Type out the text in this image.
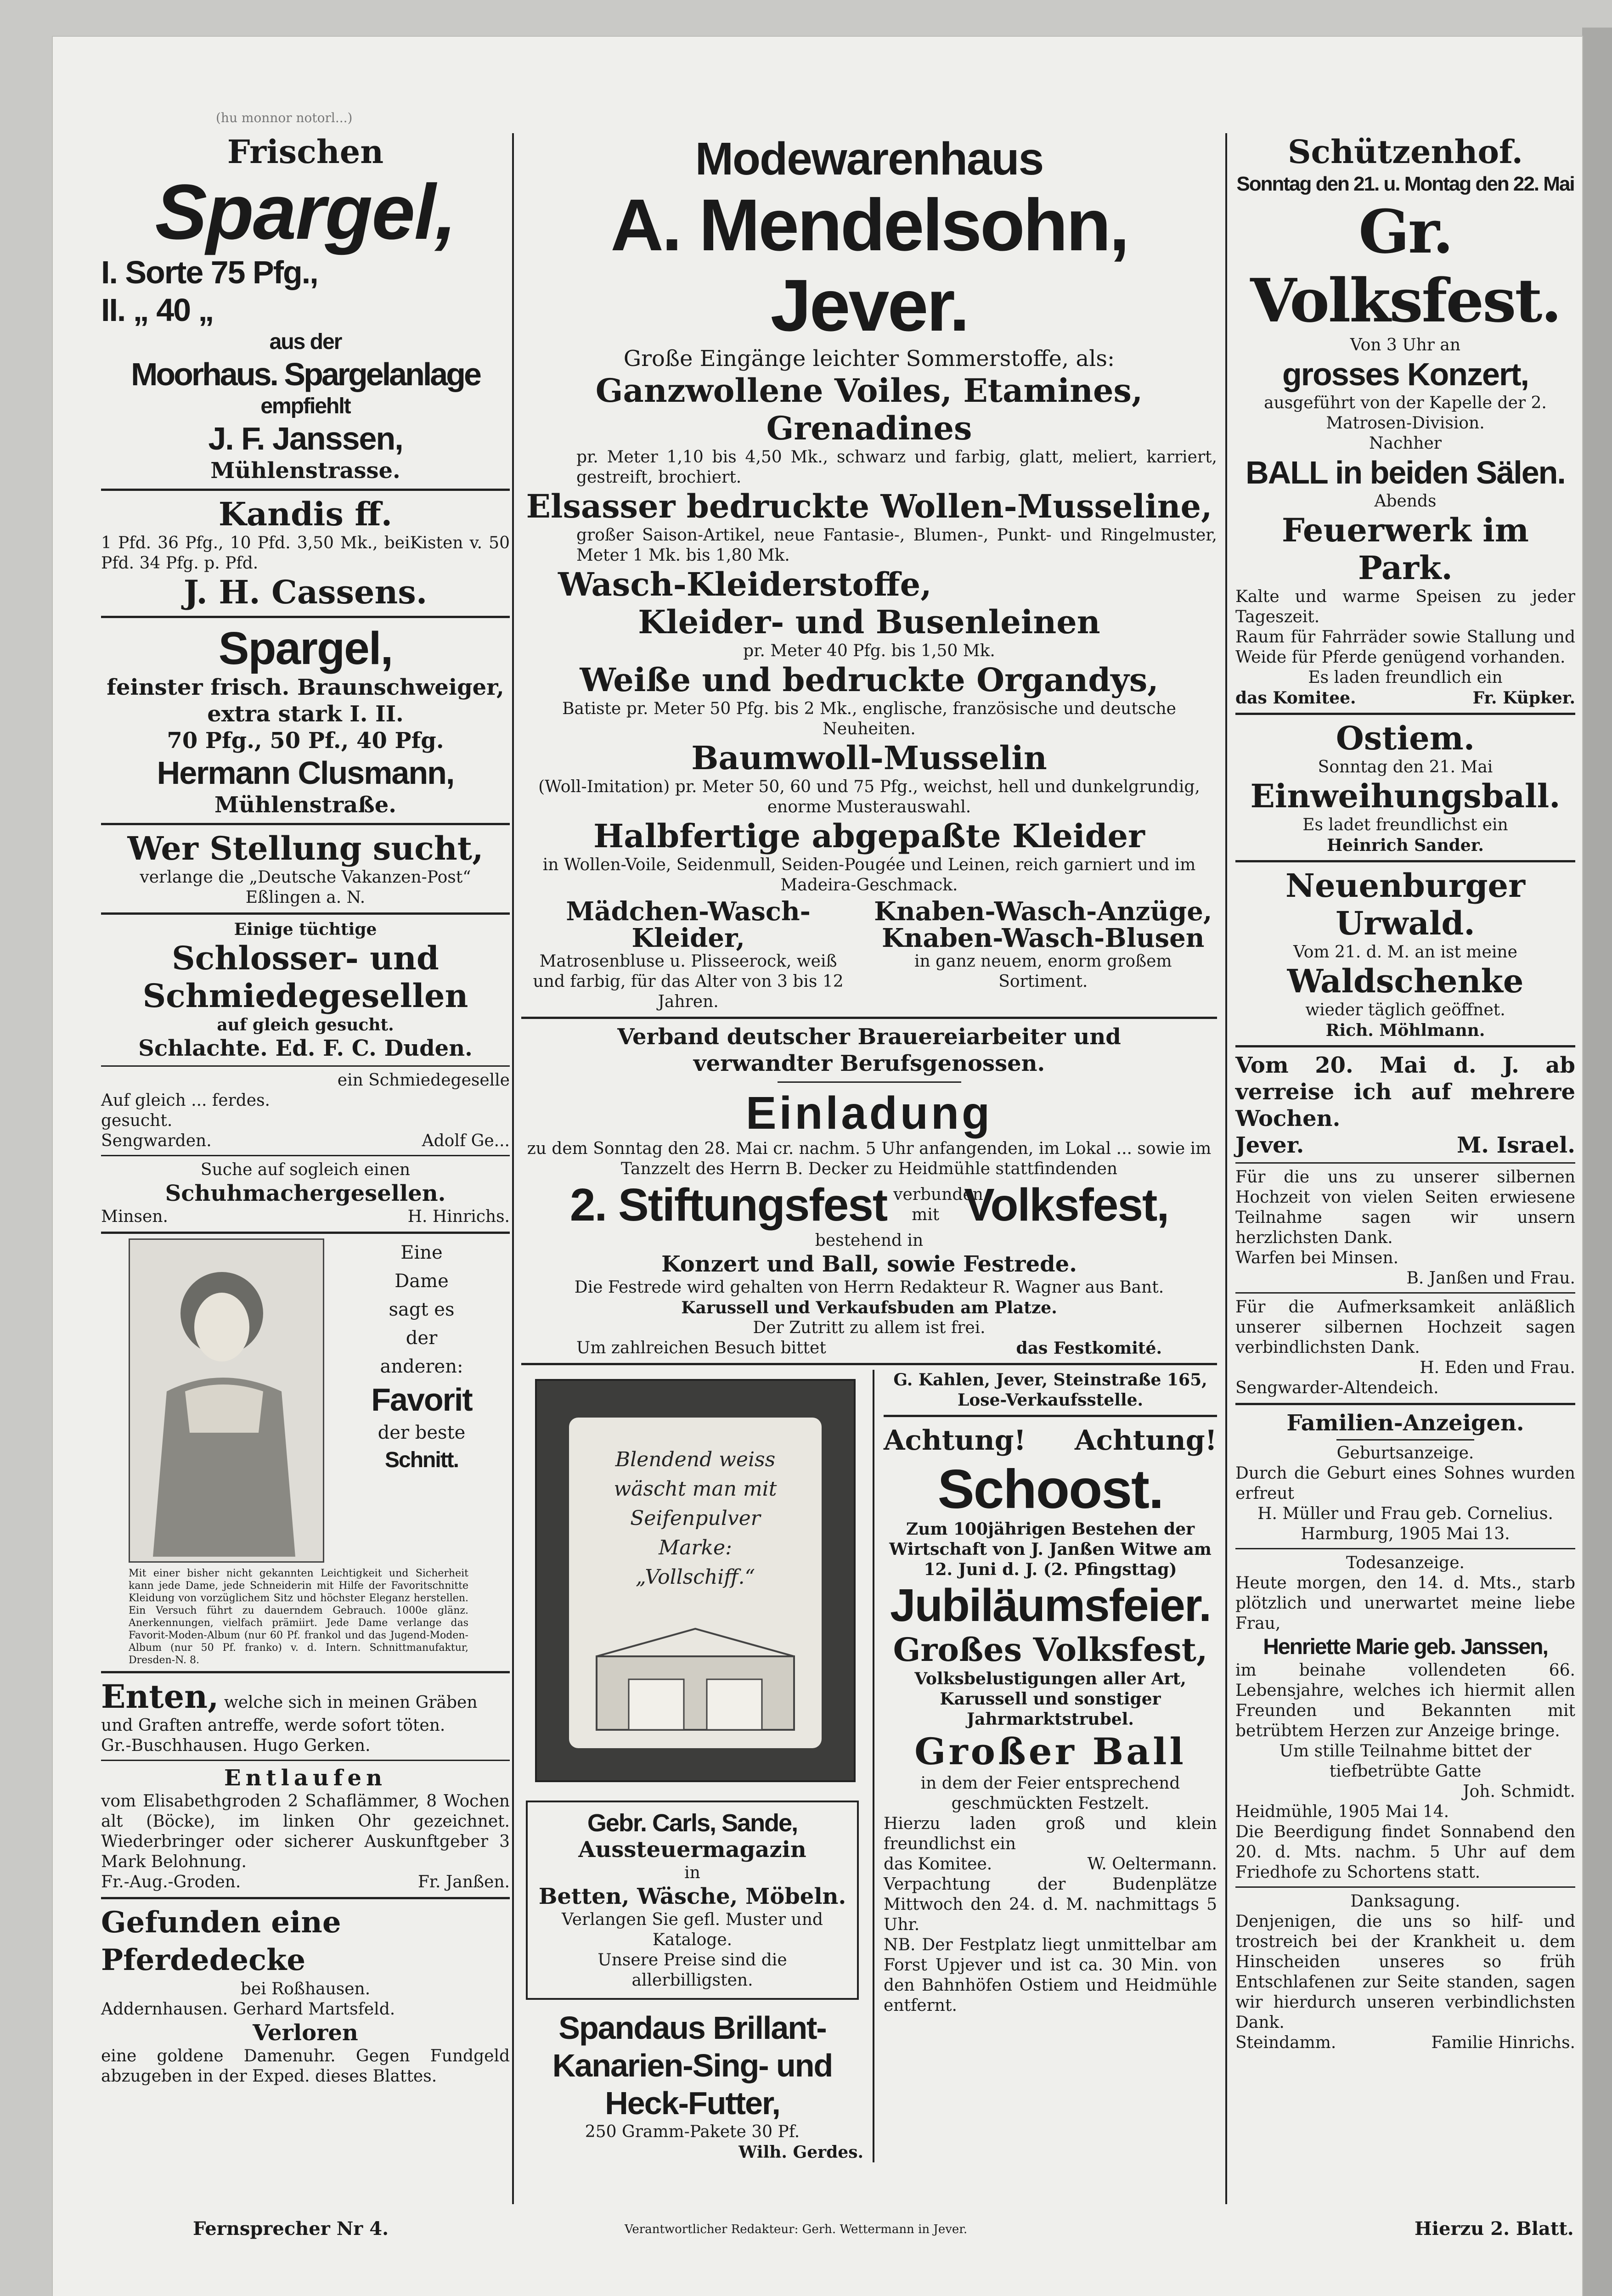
(hu monnor notorl...)
Frischen
Spargel,
I. Sorte 75 Pfg.,
II. „ 40 „
aus der
Moorhaus. Spargelanlage
empfiehlt
J. F. Janssen,
Mühlenstrasse.
Kandis ff.
1 Pfd. 36 Pfg., 10 Pfd. 3,50 Mk., beiKisten v. 50 Pfd. 34 Pfg. p. Pfd.
J. H. Cassens.
Spargel,
feinster frisch. Braunschweiger,
extra stark I. II.
70 Pfg., 50 Pf., 40 Pfg.
Hermann Clusmann,
Mühlenstraße.
Wer Stellung sucht,
verlange die „Deutsche Vakanzen-Post“ Eßlingen a. N.
Einige tüchtige
Schlosser- und
Schmiedegesellen
auf gleich gesucht.
Schlachte. Ed. F. C. Duden.
ein Schmiedegeselle
Auf gleich ... ferdes.
gesucht.
Sengwarden.	Adolf Ge...
Suche auf sogleich einen
Schuhmachergesellen.
Minsen.	H. Hinrichs.
Eine
Dame
sagt es
der
anderen:
Favorit
der beste
Schnitt.
Mit einer bisher nicht gekannten Leichtigkeit und Sicherheit kann jede Dame, jede Schneiderin mit Hilfe der Favoritschnitte Kleidung von vorzüglichem Sitz und höchster Eleganz herstellen. Ein Versuch führt zu dauerndem Gebrauch. 1000e glänz. Anerkennungen, vielfach prämiirt. Jede Dame verlange das Favorit-Moden-Album (nur 60 Pf. frankol und das Jugend-Moden-Album (nur 50 Pf. franko) v. d. Intern. Schnittmanufaktur, Dresden-N. 8.
Enten, welche sich in meinen Gräben und Graften antreffe, werde sofort töten.
Gr.-Buschhausen. Hugo Gerken.
Entlaufen
vom Elisabethgroden 2 Schaflämmer, 8 Wochen alt (Böcke), im linken Ohr gezeichnet. Wiederbringer oder sicherer Auskunftgeber 3 Mark Belohnung.
Fr.-Aug.-Groden.	Fr. Janßen.
Gefunden eine Pferdedecke
bei Roßhausen.
Addernhausen. Gerhard Martsfeld.
Verloren
eine goldene Damenuhr. Gegen Fundgeld abzugeben in der Exped. dieses Blattes.
Modewarenhaus
A. Mendelsohn, Jever.
Große Eingänge leichter Sommerstoffe, als:
Ganzwollene Voiles, Etamines,
Grenadines
pr. Meter 1,10 bis 4,50 Mk., schwarz und farbig, glatt, meliert, karriert, gestreift, brochiert.
Elsasser bedruckte Wollen-Musseline,
großer Saison-Artikel, neue Fantasie-, Blumen-, Punkt- und Ringelmuster, Meter 1 Mk. bis 1,80 Mk.
Wasch-Kleiderstoffe,
Kleider- und Busenleinen
pr. Meter 40 Pfg. bis 1,50 Mk.
Weiße und bedruckte Organdys,
Batiste pr. Meter 50 Pfg. bis 2 Mk., englische, französische und deutsche Neuheiten.
Baumwoll-Musselin
(Woll-Imitation) pr. Meter 50, 60 und 75 Pfg., weichst, hell und dunkelgrundig, enorme Musterauswahl.
Halbfertige abgepaßte Kleider
in Wollen-Voile, Seidenmull, Seiden-Pougée und Leinen, reich garniert und im Madeira-Geschmack.
Mädchen-Wasch-Kleider,
Matrosenbluse u. Plisseerock, weiß und farbig, für das Alter von 3 bis 12 Jahren.
Knaben-Wasch-Anzüge,
Knaben-Wasch-Blusen
in ganz neuem, enorm großem Sortiment.
Verband deutscher Brauereiarbeiter und verwandter Berufsgenossen.
Einladung
zu dem Sonntag den 28. Mai cr. nachm. 5 Uhr anfangenden, im Lokal ... sowie im Tanzzelt des Herrn B. Decker zu Heidmühle stattfindenden
2. Stiftungsfest verbunden mit Volksfest,
bestehend in
Konzert und Ball, sowie Festrede.
Die Festrede wird gehalten von Herrn Redakteur R. Wagner aus Bant.
Karussell und Verkaufsbuden am Platze.
Der Zutritt zu allem ist frei.
Um zahlreichen Besuch bittet	das Festkomité.
Blendend weiss
wäscht man mit
Seifenpulver
Marke:
„Vollschiff.“
Gebr. Carls, Sande,
Aussteuermagazin
in
Betten, Wäsche, Möbeln.
Verlangen Sie gefl. Muster und Kataloge.
Unsere Preise sind die allerbilligsten.
Spandaus Brillant-
Kanarien-Sing- und
Heck-Futter,
250 Gramm-Pakete 30 Pf.
Wilh. Gerdes.
G. Kahlen, Jever, Steinstraße 165, Lose-Verkaufsstelle.
Achtung! Achtung!
Schoost.
Zum 100jährigen Bestehen der Wirtschaft von J. Janßen Witwe am 12. Juni d. J. (2. Pfingsttag)
Jubiläumsfeier.
Großes Volksfest,
Volksbelustigungen aller Art, Karussell und sonstiger Jahrmarktstrubel.
Großer Ball
in dem der Feier entsprechend geschmückten Festzelt.
Hierzu laden groß und klein freundlichst ein
das Komitee.	W. Oeltermann.
Verpachtung der Budenplätze Mittwoch den 24. d. M. nachmittags 5 Uhr.
NB. Der Festplatz liegt unmittelbar am Forst Upjever und ist ca. 30 Min. von den Bahnhöfen Ostiem und Heidmühle entfernt.
Schützenhof.
Sonntag den 21. u. Montag den 22. Mai
Gr. Volksfest.
Von 3 Uhr an
grosses Konzert,
ausgeführt von der Kapelle der 2. Matrosen-Division.
Nachher
BALL in beiden Sälen.
Abends
Feuerwerk im Park.
Kalte und warme Speisen zu jeder Tageszeit.
Raum für Fahrräder sowie Stallung und Weide für Pferde genügend vorhanden.
Es laden freundlich ein
das Komitee.	Fr. Küpker.
Ostiem.
Sonntag den 21. Mai
Einweihungsball.
Es ladet freundlichst ein
Heinrich Sander.
Neuenburger Urwald.
Vom 21. d. M. an ist meine
Waldschenke
wieder täglich geöffnet.
Rich. Möhlmann.
Vom 20. Mai d. J. ab verreise ich auf mehrere Wochen.
Jever.	M. Israel.
Für die uns zu unserer silbernen Hochzeit von vielen Seiten erwiesene Teilnahme sagen wir unsern herzlichsten Dank.
Warfen bei Minsen.
B. Janßen und Frau.
Für die Aufmerksamkeit anläßlich unserer silbernen Hochzeit sagen verbindlichsten Dank.
H. Eden und Frau.
Sengwarder-Altendeich.
Familien-Anzeigen.
Geburtsanzeige.
Durch die Geburt eines Sohnes wurden erfreut
H. Müller und Frau geb. Cornelius.
Harmburg, 1905 Mai 13.
Todesanzeige.
Heute morgen, den 14. d. Mts., starb plötzlich und unerwartet meine liebe Frau,
Henriette Marie geb. Janssen,
im beinahe vollendeten 66. Lebensjahre, welches ich hiermit allen Freunden und Bekannten mit betrübtem Herzen zur Anzeige bringe.
Um stille Teilnahme bittet der tiefbetrübte Gatte
Joh. Schmidt.
Heidmühle, 1905 Mai 14.
Die Beerdigung findet Sonnabend den 20. d. Mts. nachm. 5 Uhr auf dem Friedhofe zu Schortens statt.
Danksagung.
Denjenigen, die uns so hilf- und trostreich bei der Krankheit u. dem Hinscheiden unseres so früh Entschlafenen zur Seite standen, sagen wir hierdurch unseren verbindlichsten Dank.
Steindamm.	Familie Hinrichs.
Fernsprecher Nr 4.	Verantwortlicher Redakteur: Gerh. Wettermann in Jever.	Hierzu 2. Blatt.
